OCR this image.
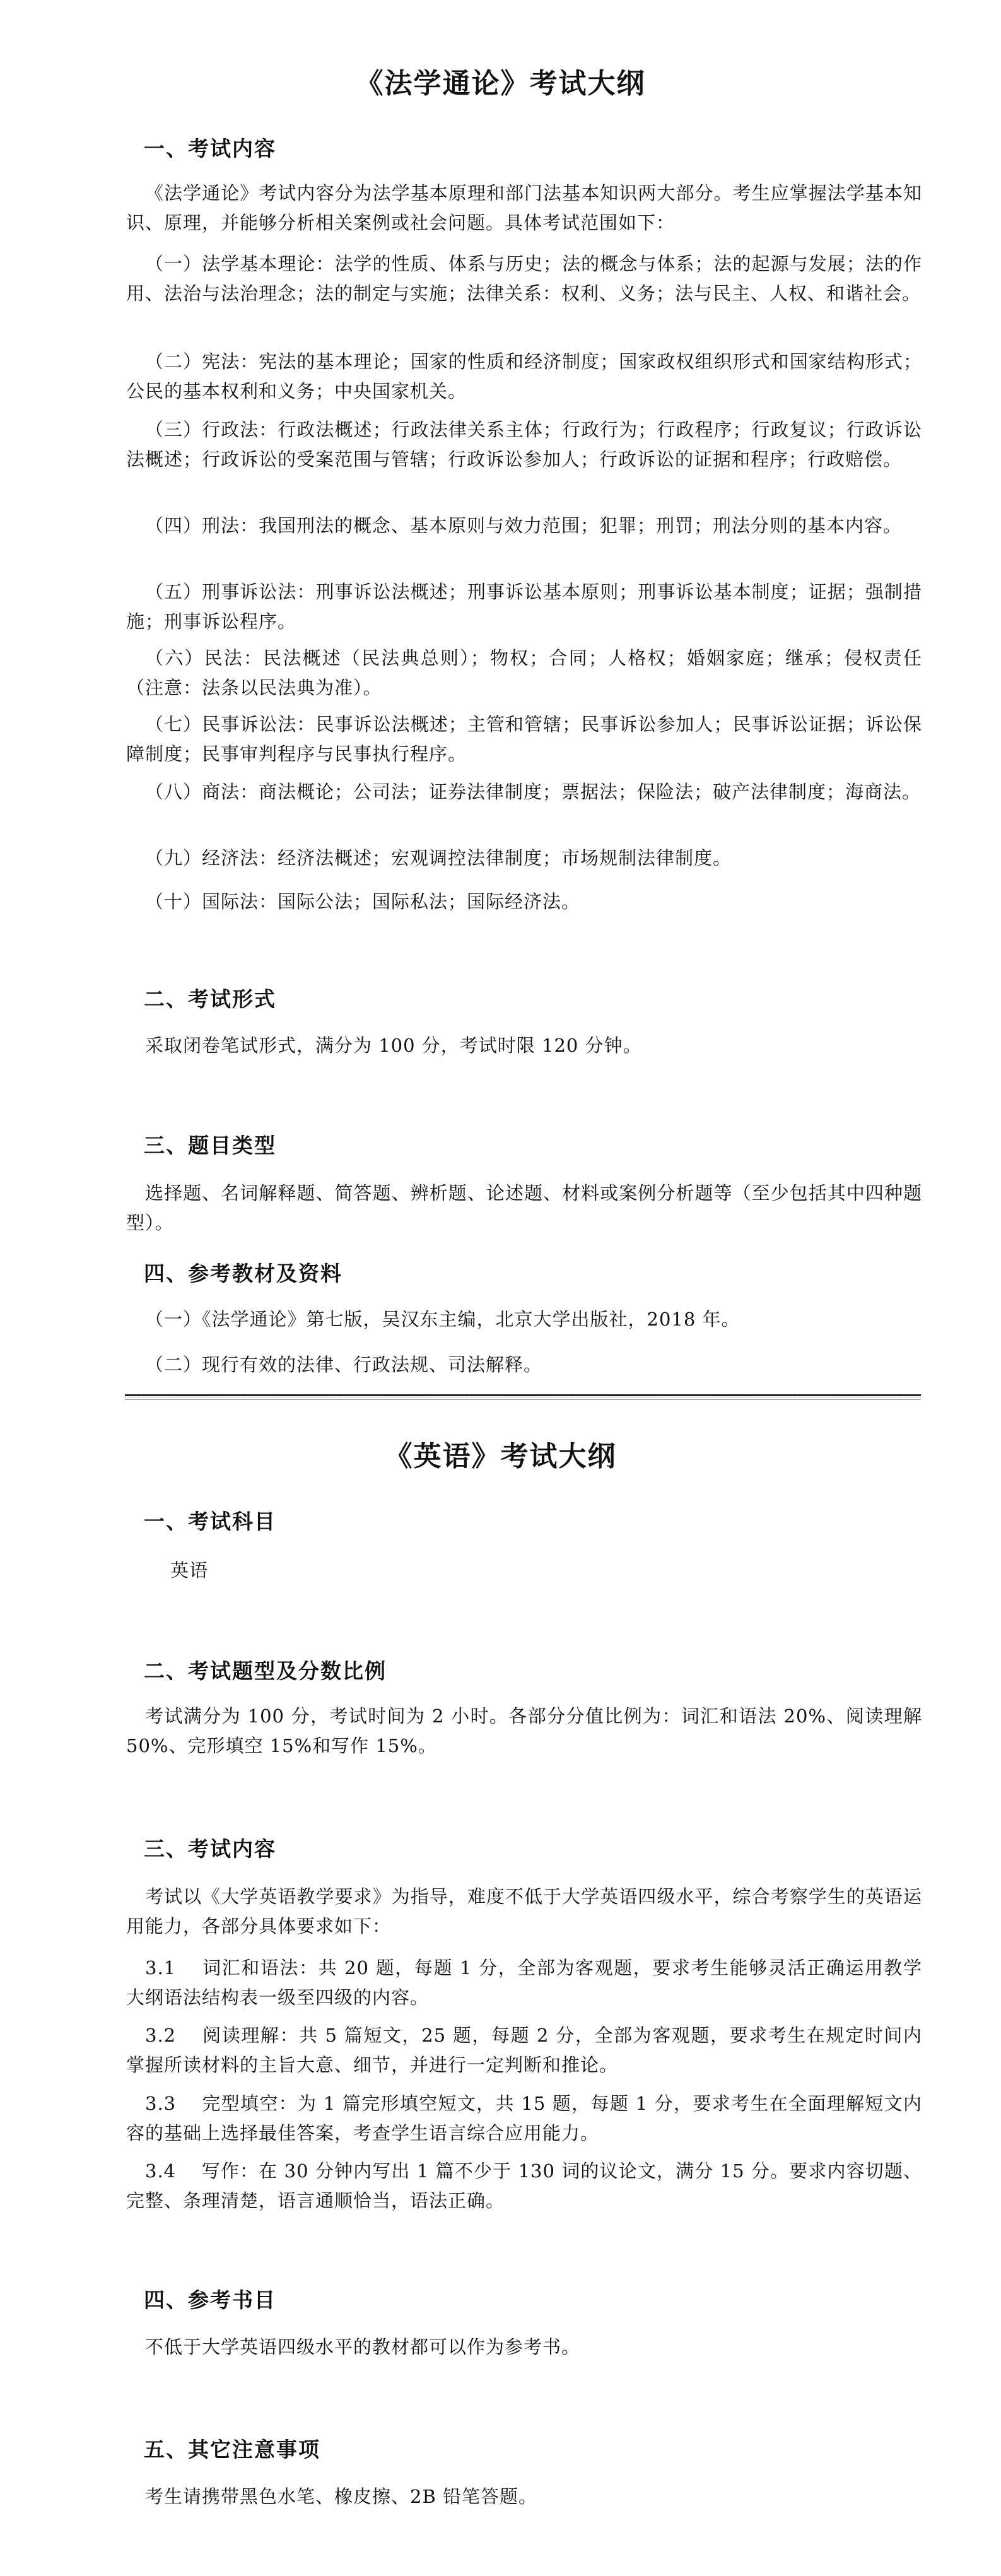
《法学通论》考试大纲
一、考试内容

《法学通论》考试内容分为法学基本原理和部门法基本知识两大部分。考生应掌握法学基本知识、原理，并能够分析相关案例或社会问题。具体考试范围如下：

（一）法学基本理论：法学的性质、体系与历史；法的概念与体系；法的起源与发展；法的作用、法治与法治理念；法的制定与实施；法律关系：权利、义务；法与民主、人权、和谐社会。

（二）宪法：宪法的基本理论；国家的性质和经济制度；国家政权组织形式和国家结构形式；公民的基本权利和义务；中央国家机关。

（三）行政法：行政法概述；行政法律关系主体；行政行为；行政程序；行政复议；行政诉讼法概述；行政诉讼的受案范围与管辖；行政诉讼参加人；行政诉讼的证据和程序；行政赔偿。

（四）刑法：我国刑法的概念、基本原则与效力范围；犯罪；刑罚；刑法分则的基本内容。

（五）刑事诉讼法：刑事诉讼法概述；刑事诉讼基本原则；刑事诉讼基本制度；证据；强制措施；刑事诉讼程序。

（六）民法：民法概述（民法典总则）；物权；合同；人格权；婚姻家庭；继承；侵权责任（注意：法条以民法典为准）。

（七）民事诉讼法：民事诉讼法概述；主管和管辖；民事诉讼参加人；民事诉讼证据；诉讼保障制度；民事审判程序与民事执行程序。

（八）商法：商法概论；公司法；证券法律制度；票据法；保险法；破产法律制度；海商法。

（九）经济法：经济法概述；宏观调控法律制度；市场规制法律制度。

（十）国际法：国际公法；国际私法；国际经济法。

二、考试形式

采取闭卷笔试形式，满分为 100 分，考试时限 120 分钟。

三、题目类型

选择题、名词解释题、简答题、辨析题、论述题、材料或案例分析题等（至少包括其中四种题型）。

四、参考教材及资料

（一）《法学通论》第七版，吴汉东主编，北京大学出版社，2018 年。

（二）现行有效的法律、行政法规、司法解释。

《英语》考试大纲
一、考试科目

英语

二、考试题型及分数比例

考试满分为 100 分，考试时间为 2 小时。各部分分值比例为：词汇和语法 20%、阅读理解 50%、完形填空 15%和写作 15%。

三、考试内容

考试以《大学英语教学要求》为指导，难度不低于大学英语四级水平，综合考察学生的英语运用能力，各部分具体要求如下：

3.1　 词汇和语法：共 20 题，每题 1 分，全部为客观题，要求考生能够灵活正确运用教学大纲语法结构表一级至四级的内容。

3.2　 阅读理解：共 5 篇短文，25 题，每题 2 分，全部为客观题，要求考生在规定时间内掌握所读材料的主旨大意、细节，并进行一定判断和推论。

3.3　 完型填空：为 1 篇完形填空短文，共 15 题，每题 1 分，要求考生在全面理解短文内容的基础上选择最佳答案，考查学生语言综合应用能力。

3.4　 写作：在 30 分钟内写出 1 篇不少于 130 词的议论文，满分 15 分。要求内容切题、完整、条理清楚，语言通顺恰当，语法正确。

四、参考书目

不低于大学英语四级水平的教材都可以作为参考书。

五、其它注意事项

考生请携带黑色水笔、橡皮擦、2B 铅笔答题。
